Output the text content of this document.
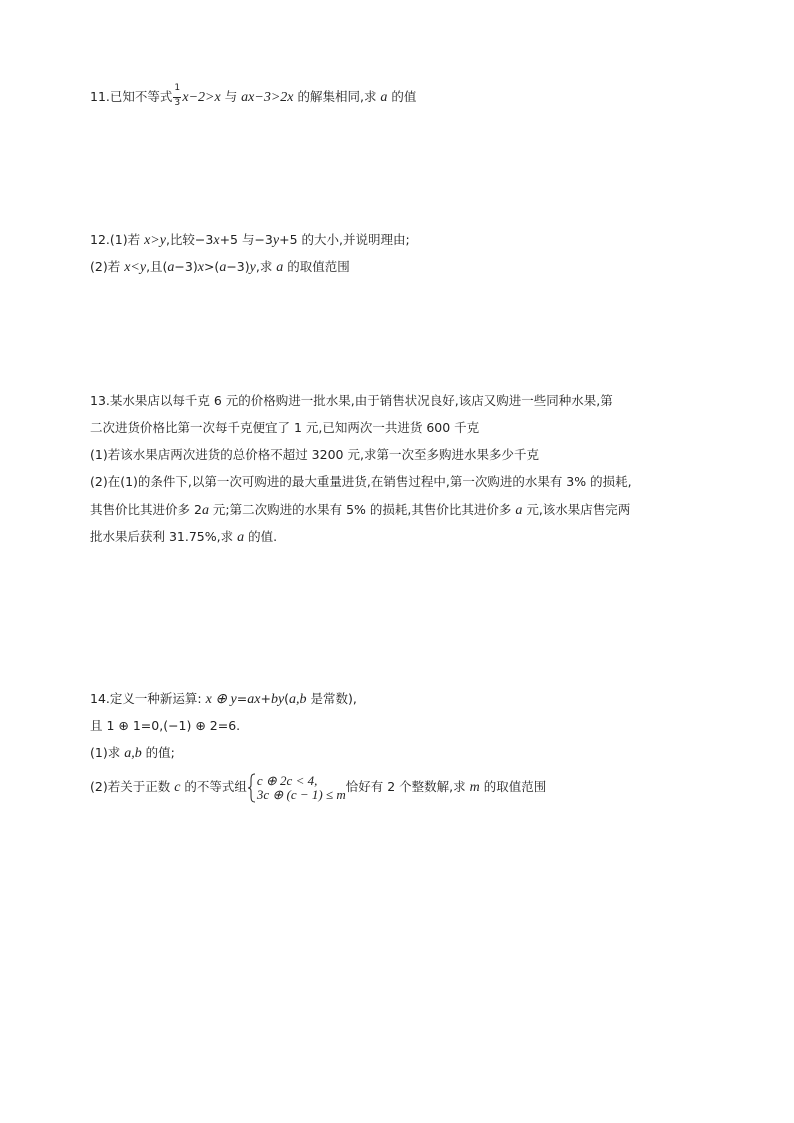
11.已知不等式 $\frac{1}{3} x-2>x$ 与 ax−3>2x 的解集相同,求 a 的值
12.(1)若 x>y,比较−3x+5 与−3y+5 的大小,并说明理由;
(2)若 x<y,且(a−3)x>(a−3)y,求 a 的取值范围
13.某水果店以每千克 6 元的价格购进一批水果,由于销售状况良好,该店又购进一些同种水果,第
二次进货价格比第一次每千克便宜了 1 元,已知两次一共进货 600 千克
(1)若该水果店两次进货的总价格不超过 3200 元,求第一次至多购进水果多少千克
(2)在(1)的条件下,以第一次可购进的最大重量进货,在销售过程中,第一次购进的水果有 3% 的损耗,
其售价比其进价多 2a 元;第二次购进的水果有 5% 的损耗,其售价比其进价多 a 元,该水果店售完两
批水果后获利 31.75%,求 a 的值.
14.定义一种新运算: x ⊕ y=ax+by(a,b 是常数),
且 1 ⊕ 1=0,(−1) ⊕ 2=6.
(1)求 a,b 的值;
(2)若关于正数 c 的不等式组 c ⊕ 2c < 4,
3c ⊕ (c − 1) ≤ m 恰好有 2 个整数解,求 m 的取值范围
